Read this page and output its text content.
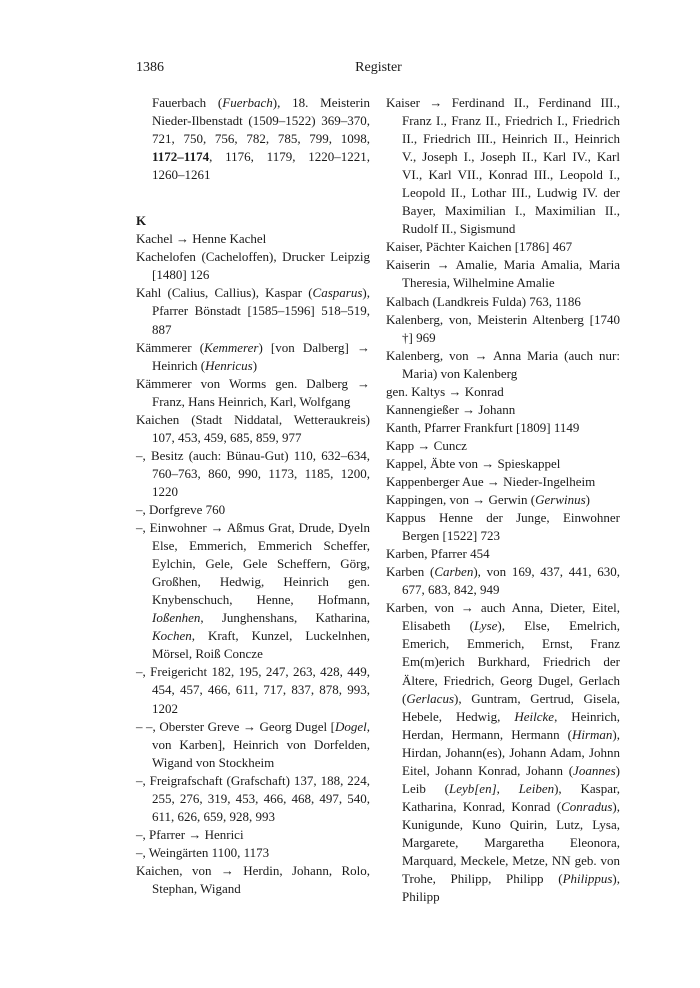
1386	Register
Fauerbach (Fuerbach), 18. Meisterin Nieder-Ilbenstadt (1509–1522) 369–370, 721, 750, 756, 782, 785, 799, 1098, 1172–1174, 1176, 1179, 1220–1221, 1260–1261
K
Kachel → Henne Kachel
Kachelofen (Cacheloffen), Drucker Leipzig [1480] 126
Kahl (Calius, Callius), Kaspar (Casparus), Pfarrer Bönstadt [1585–1596] 518–519, 887
Kämmerer (Kemmerer) [von Dalberg] → Heinrich (Henricus)
Kämmerer von Worms gen. Dalberg → Franz, Hans Heinrich, Karl, Wolfgang
Kaichen (Stadt Niddatal, Wetteraukreis) 107, 453, 459, 685, 859, 977
–, Besitz (auch: Bünau-Gut) 110, 632–634, 760–763, 860, 990, 1173, 1185, 1200, 1220
–, Dorfgreve 760
–, Einwohner → Aßmus Grat, Drude, Dyeln Else, Emmerich, Emmerich Scheffer, Eylchin, Gele, Gele Scheffern, Görg, Großhen, Hedwig, Heinrich gen. Knybenschuch, Henne, Hofmann, Ioßenhen, Junghenshans, Katharina, Kochen, Kraft, Kunzel, Luckelnhen, Mörsel, Roiß Concze
–, Freigericht 182, 195, 247, 263, 428, 449, 454, 457, 466, 611, 717, 837, 878, 993, 1202
– –, Oberster Greve → Georg Dugel [Dogel, von Karben], Heinrich von Dorfelden, Wigand von Stockheim
–, Freigrafschaft (Grafschaft) 137, 188, 224, 255, 276, 319, 453, 466, 468, 497, 540, 611, 626, 659, 928, 993
–, Pfarrer → Henrici
–, Weingärten 1100, 1173
Kaichen, von → Herdin, Johann, Rolo, Stephan, Wigand
Kaiser → Ferdinand II., Ferdinand III., Franz I., Franz II., Friedrich I., Friedrich II., Friedrich III., Heinrich II., Heinrich V., Joseph I., Joseph II., Karl IV., Karl VI., Karl VII., Konrad III., Leopold I., Leopold II., Lothar III., Ludwig IV. der Bayer, Maximilian I., Maximilian II., Rudolf II., Sigismund
Kaiser, Pächter Kaichen [1786] 467
Kaiserin → Amalie, Maria Amalia, Maria Theresia, Wilhelmine Amalie
Kalbach (Landkreis Fulda) 763, 1186
Kalenberg, von, Meisterin Altenberg [1740 †] 969
Kalenberg, von → Anna Maria (auch nur: Maria) von Kalenberg
gen. Kaltys → Konrad
Kannengießer → Johann
Kanth, Pfarrer Frankfurt [1809] 1149
Kapp → Cuncz
Kappel, Äbte von → Spieskappel
Kappenberger Aue → Nieder-Ingelheim
Kappingen, von → Gerwin (Gerwinus)
Kappus Henne der Junge, Einwohner Bergen [1522] 723
Karben, Pfarrer 454
Karben (Carben), von 169, 437, 441, 630, 677, 683, 842, 949
Karben, von → auch Anna, Dieter, Eitel, Elisabeth (Lyse), Else, Emelrich, Emerich, Emmerich, Ernst, Franz Em(m)erich Burkhard, Friedrich der Ältere, Friedrich, Georg Dugel, Gerlach (Gerlacus), Guntram, Gertrud, Gisela, Hebele, Hedwig, Heilcke, Heinrich, Herdan, Hermann, Hermann (Hirman), Hirdan, Johann(es), Johann Adam, Johnn Eitel, Johann Konrad, Johann (Joannes) Leib (Leyb[en], Leiben), Kaspar, Katharina, Konrad, Konrad (Conradus), Kunigunde, Kuno Quirin, Lutz, Lysa, Margarete, Margaretha Eleonora, Marquard, Meckele, Metze, NN geb. von Trohe, Philipp, Philipp (Philippus), Philipp
